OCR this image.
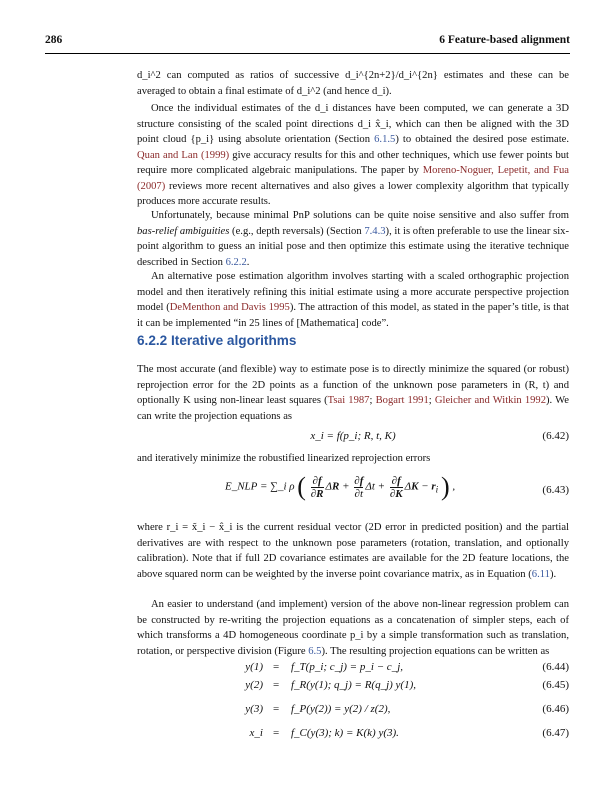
286	6 Feature-based alignment

d_i^2 can computed as ratios of successive d_i^{2n+2}/d_i^{2n} estimates and these can be averaged to obtain a final estimate of d_i^2 (and hence d_i).

Once the individual estimates of the d_i distances have been computed, we can generate a 3D structure consisting of the scaled point directions d_i x̂_i, which can then be aligned with the 3D point cloud {p_i} using absolute orientation (Section 6.1.5) to obtained the desired pose estimate. Quan and Lan (1999) give accuracy results for this and other techniques, which use fewer points but require more complicated algebraic manipulations. The paper by Moreno-Noguer, Lepetit, and Fua (2007) reviews more recent alternatives and also gives a lower complexity algorithm that typically produces more accurate results.

Unfortunately, because minimal PnP solutions can be quite noise sensitive and also suffer from bas-relief ambiguities (e.g., depth reversals) (Section 7.4.3), it is often preferable to use the linear six-point algorithm to guess an initial pose and then optimize this estimate using the iterative technique described in Section 6.2.2.

An alternative pose estimation algorithm involves starting with a scaled orthographic projection model and then iteratively refining this initial estimate using a more accurate perspective projection model (DeMenthon and Davis 1995). The attraction of this model, as stated in the paper’s title, is that it can be implemented “in 25 lines of [Mathematica] code”.

6.2.2 Iterative algorithms

The most accurate (and flexible) way to estimate pose is to directly minimize the squared (or robust) reprojection error for the 2D points as a function of the unknown pose parameters in (R, t) and optionally K using non-linear least squares (Tsai 1987; Bogart 1991; Gleicher and Witkin 1992). We can write the projection equations as

x_i = f(p_i; R, t, K)	(6.42)

and iteratively minimize the robustified linearized reprojection errors

E_NLP = ∑_i ρ ( $\frac{\partial f}{\partial R}$ $\Delta R + \frac{\partial f}{\partial t}$ $\Delta t + \frac{\partial f}{\partial K}$ $\Delta K - r_i$ ) ,	(6.43)

where r_i = x̃_i − x̂_i is the current residual vector (2D error in predicted position) and the partial derivatives are with respect to the unknown pose parameters (rotation, translation, and optionally calibration). Note that if full 2D covariance estimates are available for the 2D feature locations, the above squared norm can be weighted by the inverse point covariance matrix, as in Equation (6.11).

An easier to understand (and implement) version of the above non-linear regression problem can be constructed by re-writing the projection equations as a concatenation of simpler steps, each of which transforms a 4D homogeneous coordinate p_i by a simple transformation such as translation, rotation, or perspective division (Figure 6.5). The resulting projection equations can be written as

y(1) = f_T(p_i; c_j) = p_i − c_j,	(6.44)
y(2) = f_R(y(1); q_j) = R(q_j) y(1),	(6.45)
y(3) = f_P(y(2)) = y(2) / z(2),	(6.46)
x_i = f_C(y(3); k) = K(k) y(3).	(6.47)
